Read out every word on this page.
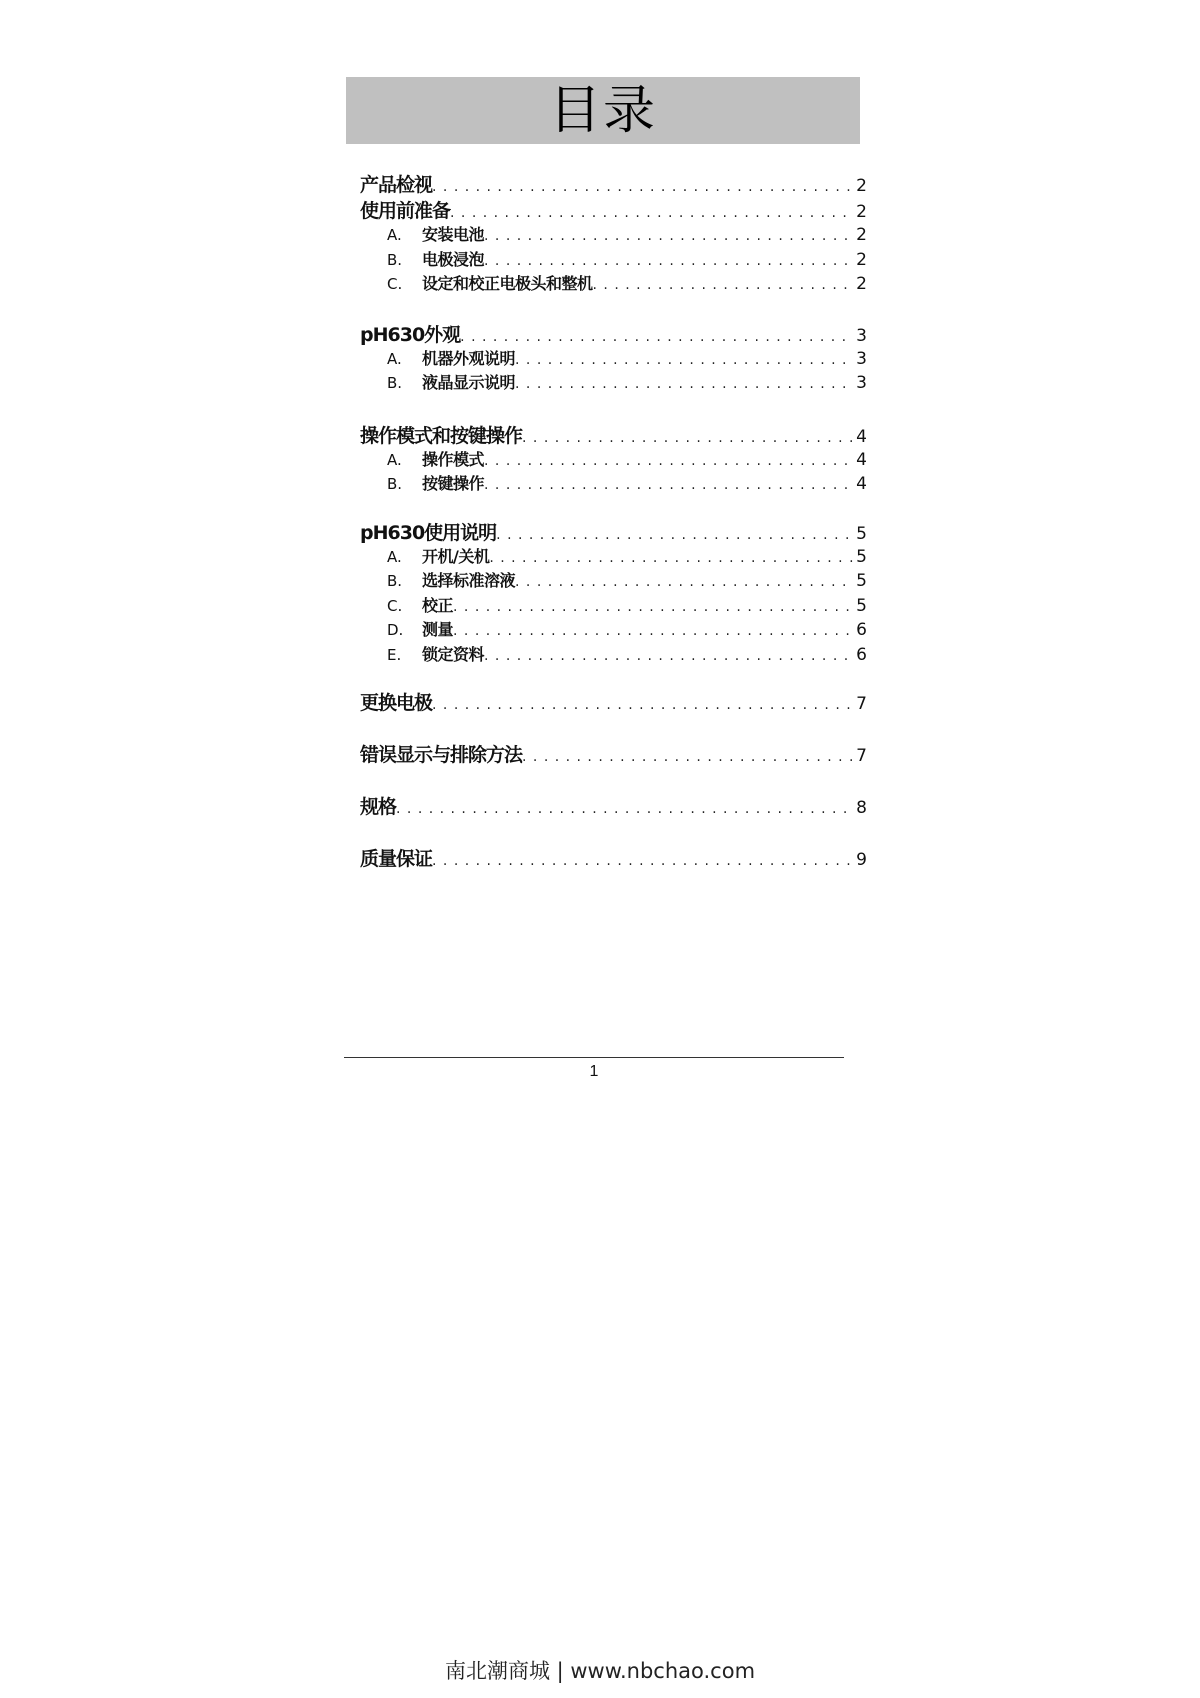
目录
产品检视 . . .	2
使用前准备 . . .	2
A.	安装电池 . . .	2
B.	电极浸泡 . . .	2
C.	设定和校正电极头和整机 . . .	2
pH630外观 . . .	3
A.	机器外观说明 . . .	3
B.	液晶显示说明 . . .	3
操作模式和按键操作 . . .	4
A.	操作模式 . . .	4
B.	按键操作 . . .	4
pH630使用说明 . . .	5
A.	开机/关机 . . .	5
B.	选择标准溶液 . . .	5
C.	校正 . . .	5
D.	测量 . . .	6
E.	锁定资料 . . .	6
更换电极 . . .	7
错误显示与排除方法 . . .	7
规格 . . .	8
质量保证 . . .	9
1
南北潮商城 | www.nbchao.com
